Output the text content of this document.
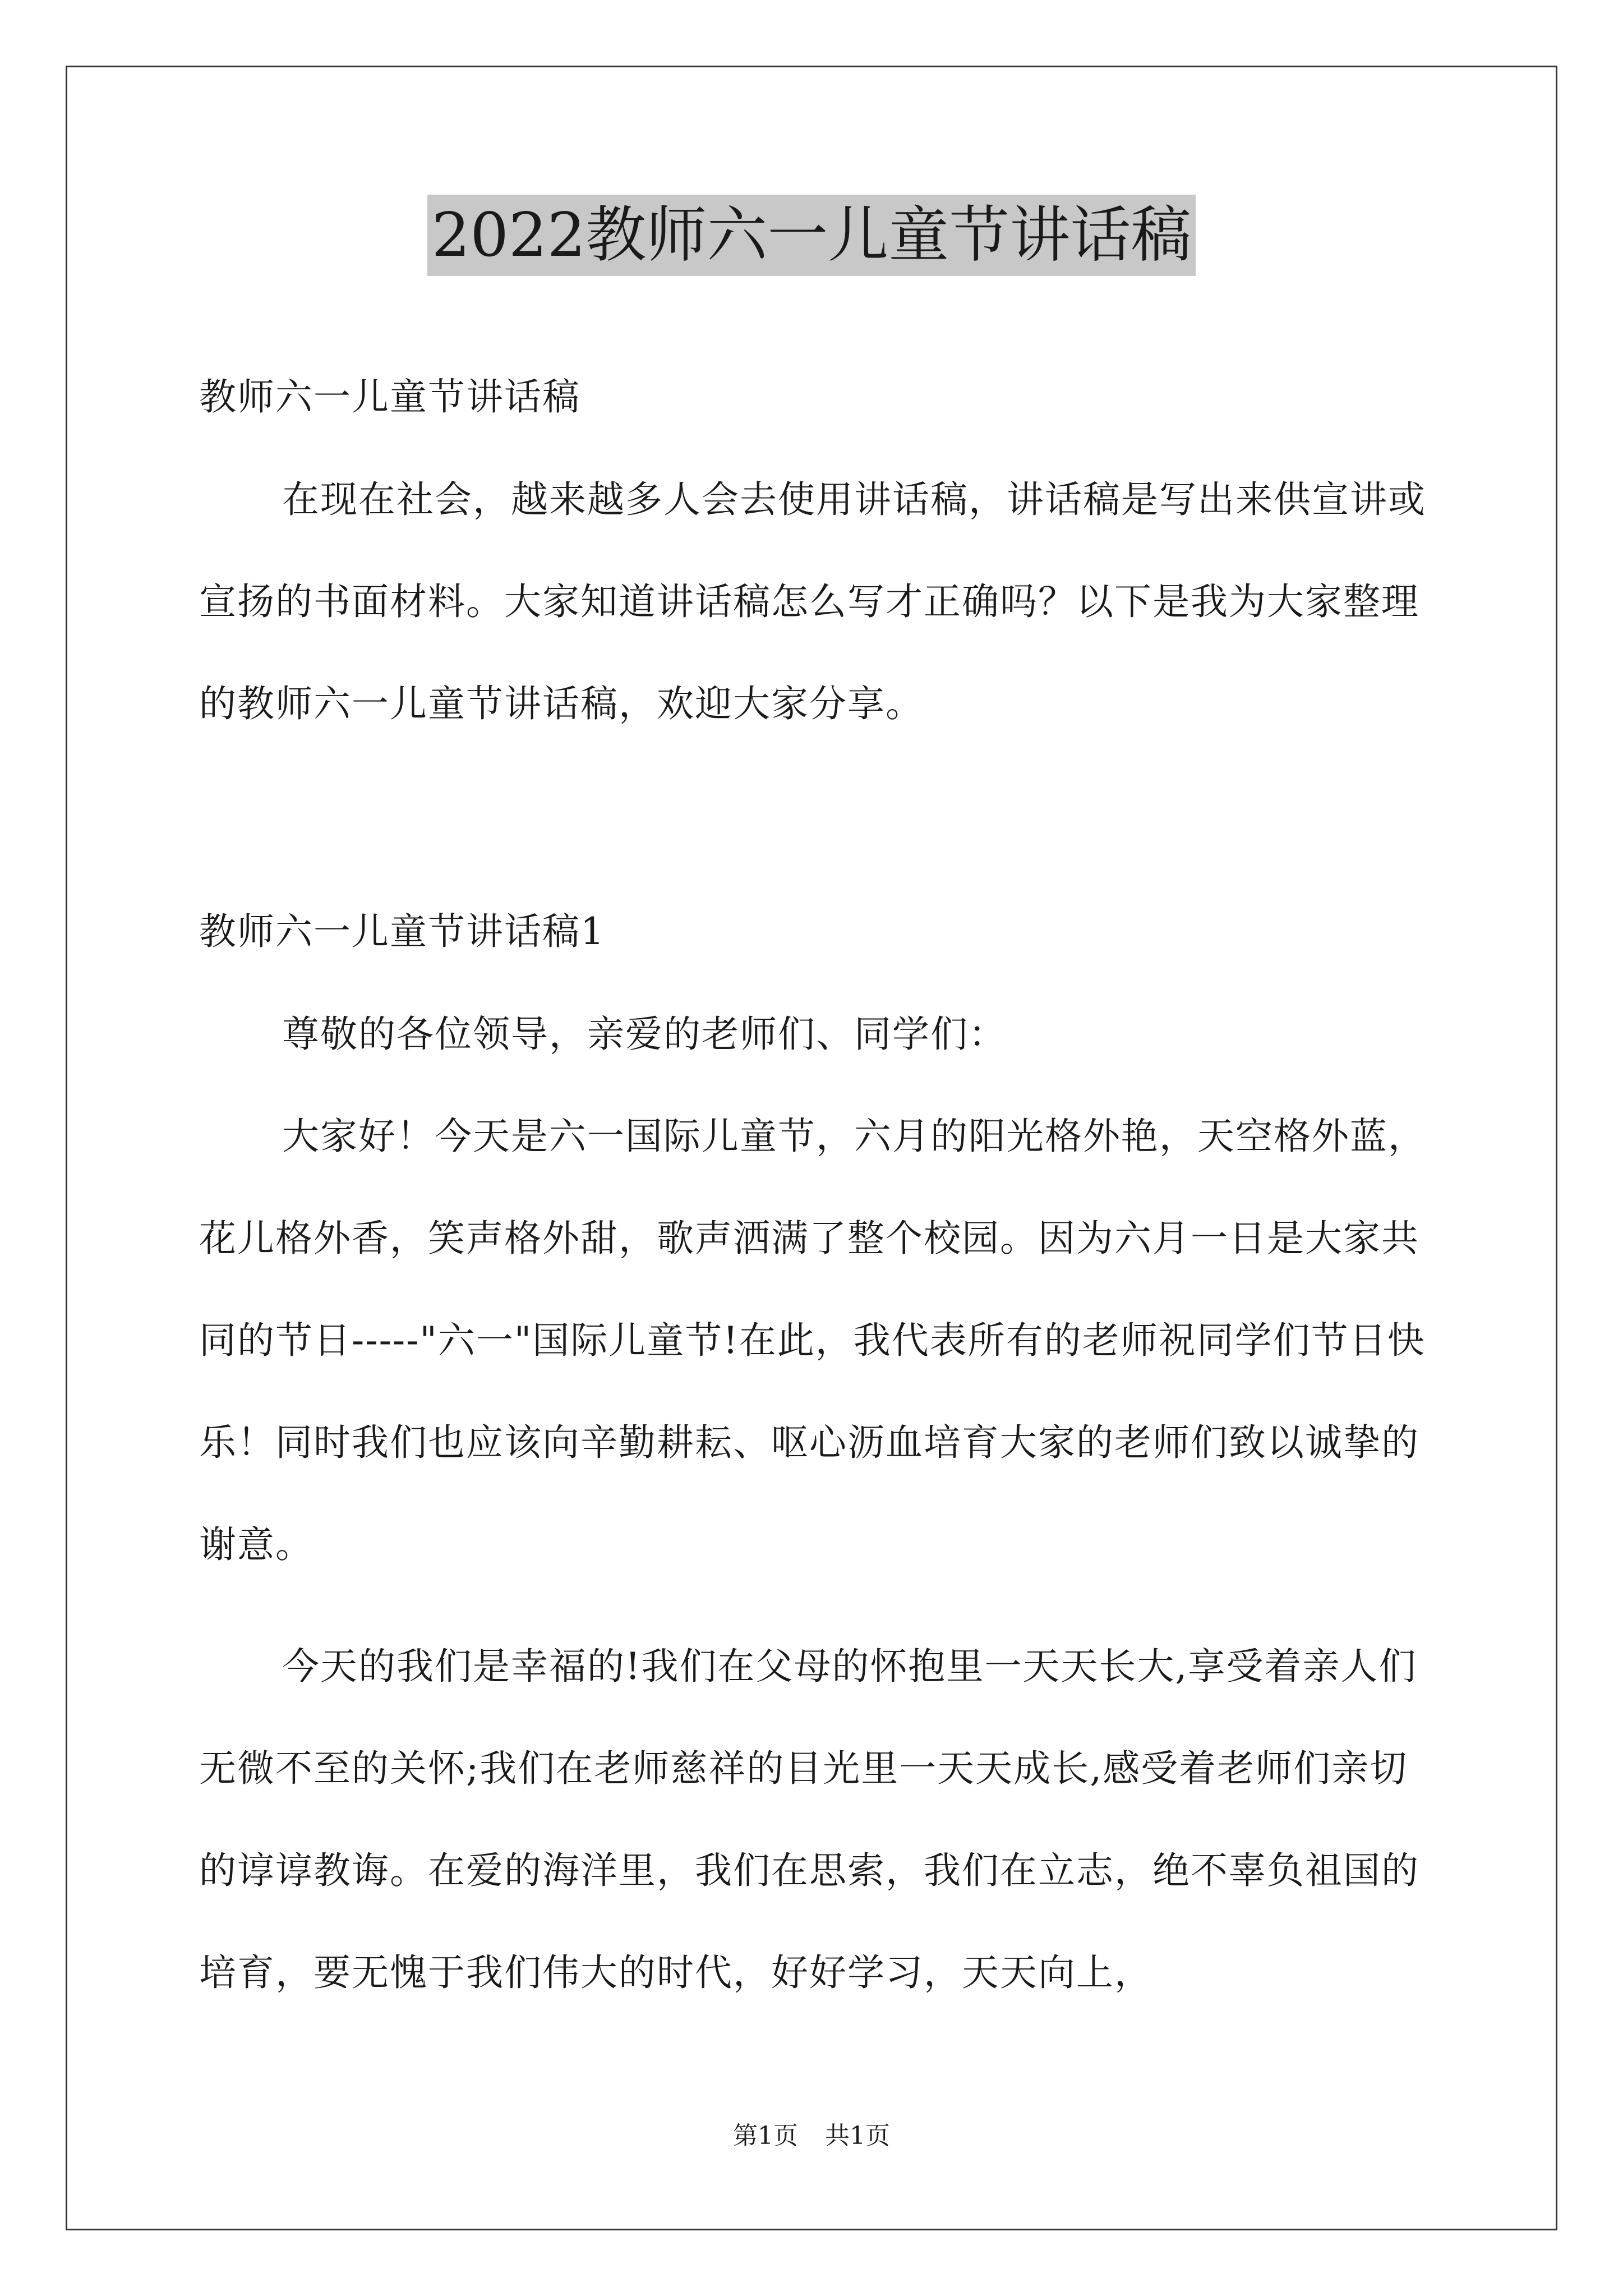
2022教师六一儿童节讲话稿

教师六一儿童节讲话稿

在现在社会，越来越多人会去使用讲话稿，讲话稿是写出来供宣讲或宣扬的书面材料。大家知道讲话稿怎么写才正确吗？以下是我为大家整理的教师六一儿童节讲话稿，欢迎大家分享。

教师六一儿童节讲话稿1

尊敬的各位领导，亲爱的老师们、同学们：

大家好！今天是六一国际儿童节，六月的阳光格外艳，天空格外蓝，花儿格外香，笑声格外甜，歌声洒满了整个校园。因为六月一日是大家共同的节日-----"六一"国际儿童节!在此，我代表所有的老师祝同学们节日快乐！同时我们也应该向辛勤耕耘、呕心沥血培育大家的老师们致以诚挚的谢意。

今天的我们是幸福的!我们在父母的怀抱里一天天长大,享受着亲人们无微不至的关怀;我们在老师慈祥的目光里一天天成长,感受着老师们亲切的谆谆教诲。在爱的海洋里，我们在思索，我们在立志，绝不辜负祖国的培育，要无愧于我们伟大的时代，好好学习，天天向上，

第1页 共1页
